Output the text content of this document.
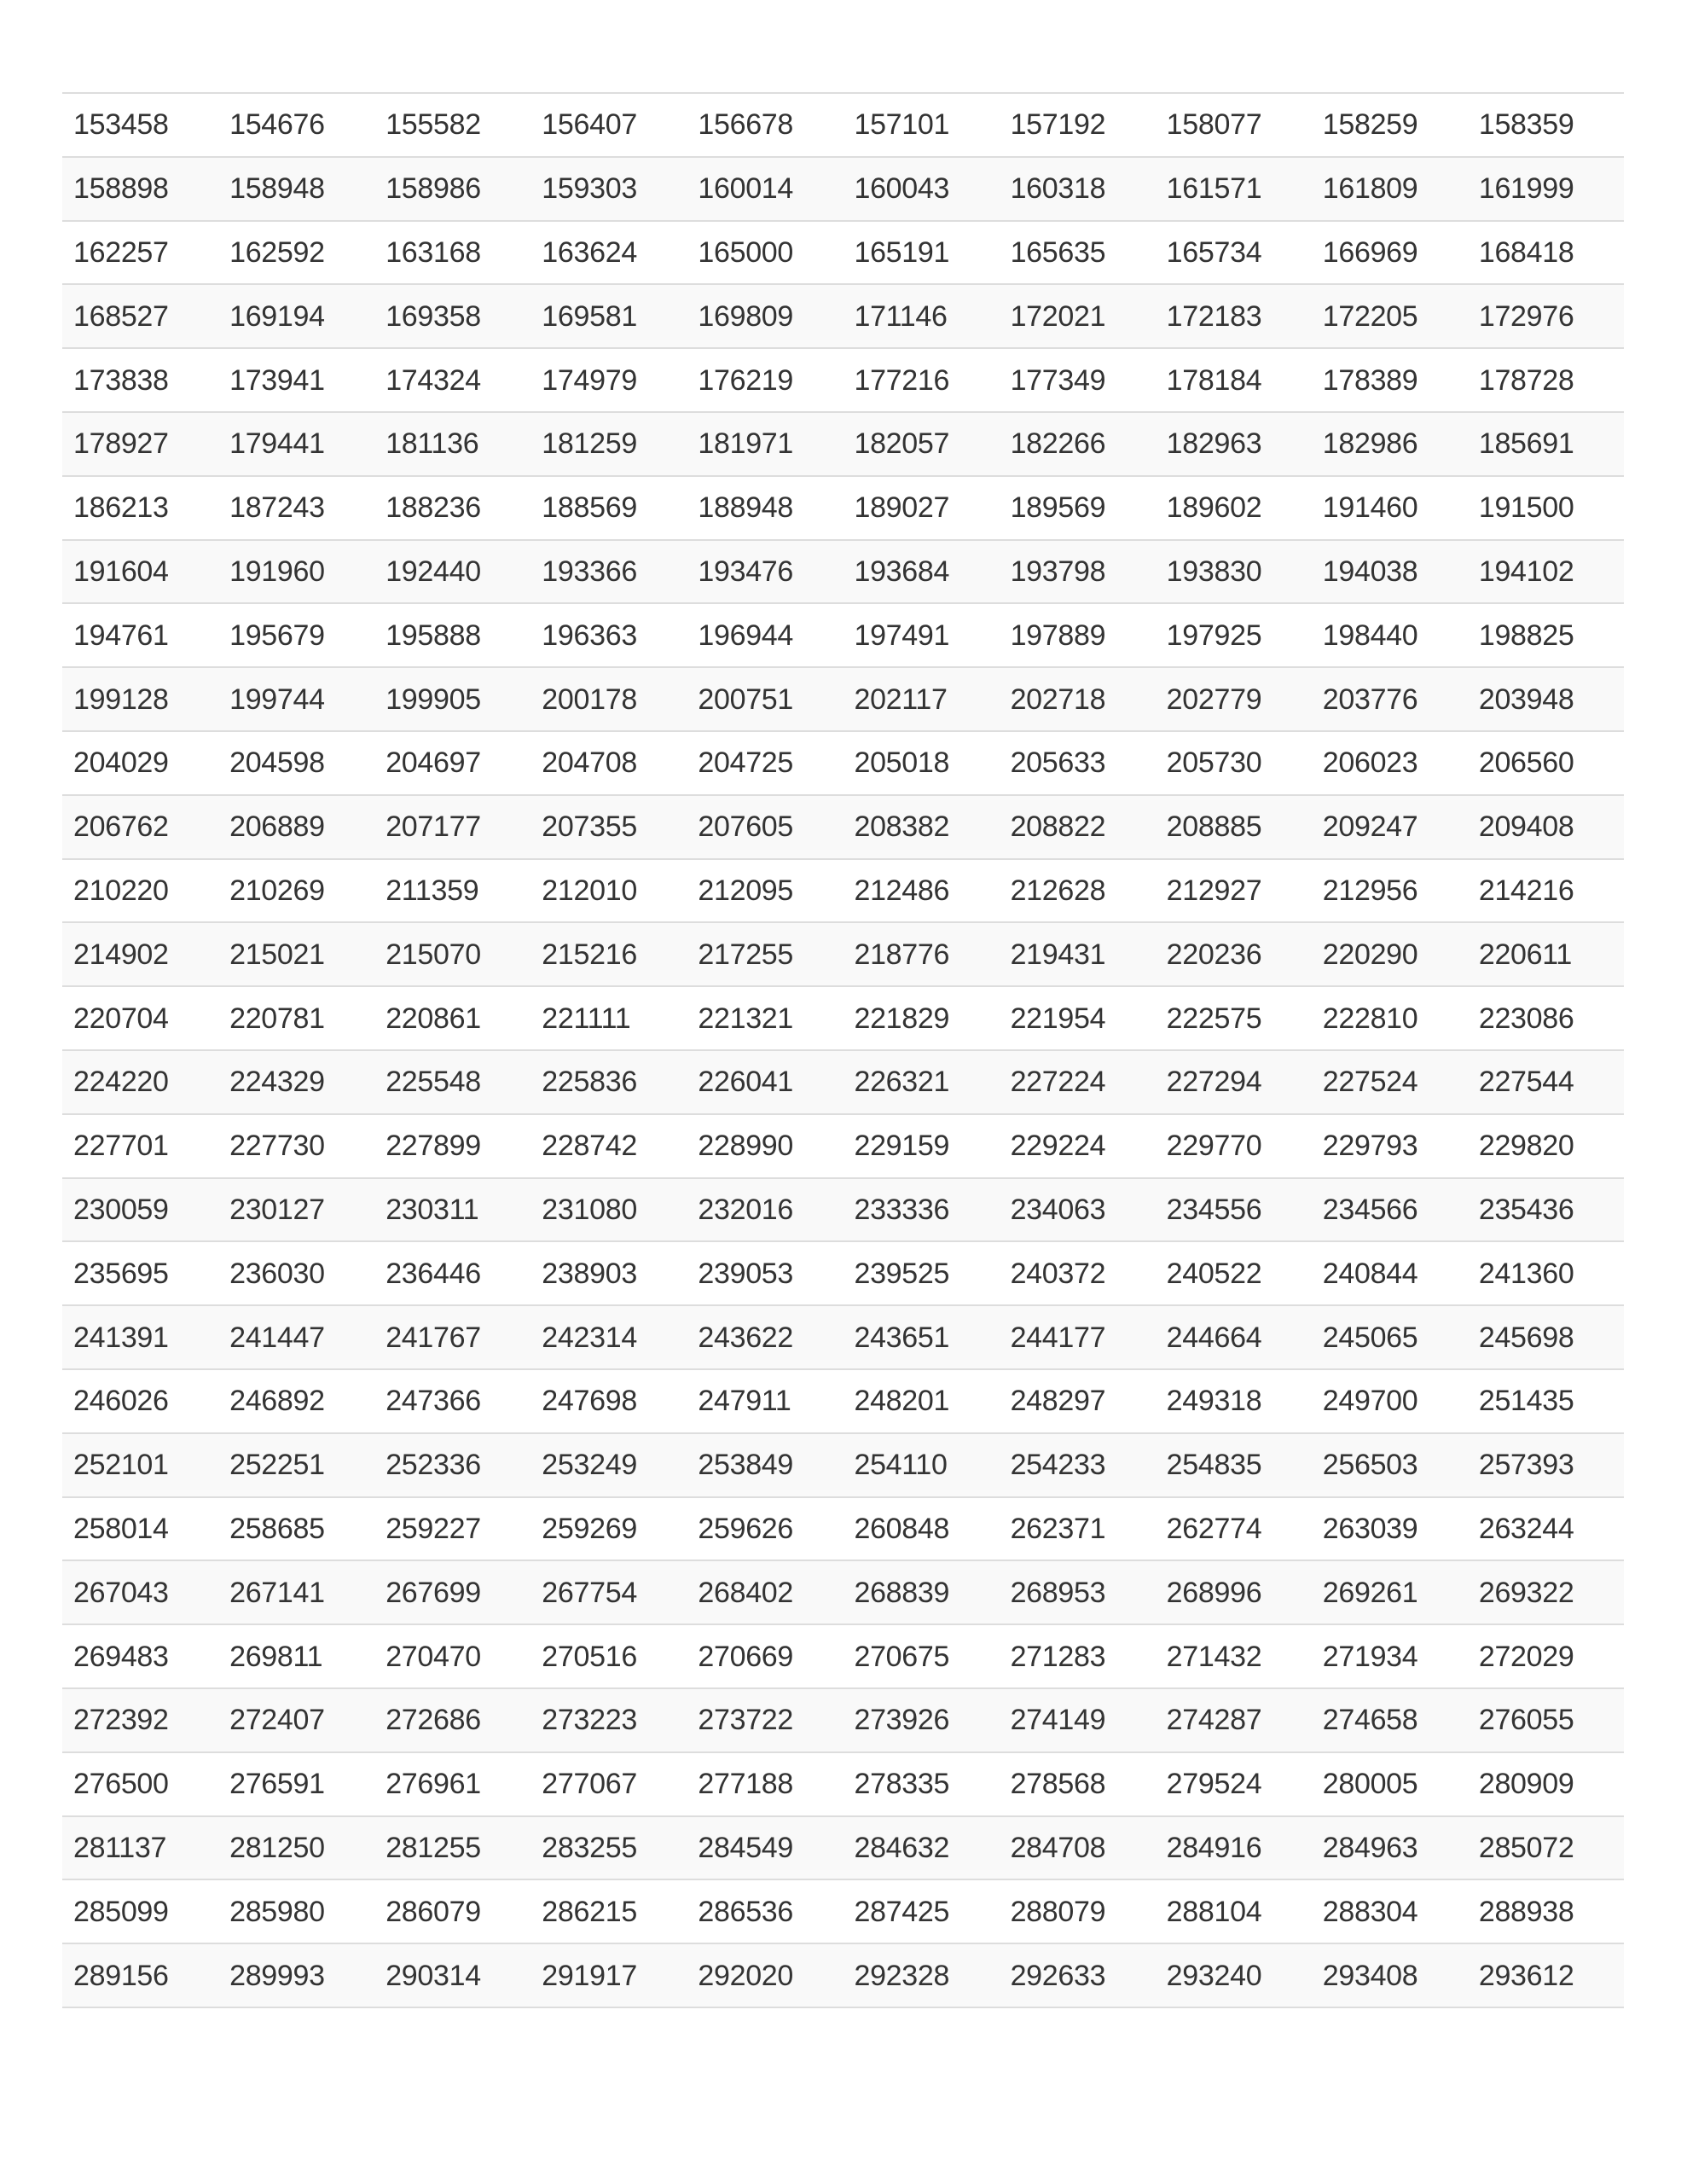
153458	154676	155582	156407	156678	157101	157192	158077	158259	158359
158898	158948	158986	159303	160014	160043	160318	161571	161809	161999
162257	162592	163168	163624	165000	165191	165635	165734	166969	168418
168527	169194	169358	169581	169809	171146	172021	172183	172205	172976
173838	173941	174324	174979	176219	177216	177349	178184	178389	178728
178927	179441	181136	181259	181971	182057	182266	182963	182986	185691
186213	187243	188236	188569	188948	189027	189569	189602	191460	191500
191604	191960	192440	193366	193476	193684	193798	193830	194038	194102
194761	195679	195888	196363	196944	197491	197889	197925	198440	198825
199128	199744	199905	200178	200751	202117	202718	202779	203776	203948
204029	204598	204697	204708	204725	205018	205633	205730	206023	206560
206762	206889	207177	207355	207605	208382	208822	208885	209247	209408
210220	210269	211359	212010	212095	212486	212628	212927	212956	214216
214902	215021	215070	215216	217255	218776	219431	220236	220290	220611
220704	220781	220861	221111	221321	221829	221954	222575	222810	223086
224220	224329	225548	225836	226041	226321	227224	227294	227524	227544
227701	227730	227899	228742	228990	229159	229224	229770	229793	229820
230059	230127	230311	231080	232016	233336	234063	234556	234566	235436
235695	236030	236446	238903	239053	239525	240372	240522	240844	241360
241391	241447	241767	242314	243622	243651	244177	244664	245065	245698
246026	246892	247366	247698	247911	248201	248297	249318	249700	251435
252101	252251	252336	253249	253849	254110	254233	254835	256503	257393
258014	258685	259227	259269	259626	260848	262371	262774	263039	263244
267043	267141	267699	267754	268402	268839	268953	268996	269261	269322
269483	269811	270470	270516	270669	270675	271283	271432	271934	272029
272392	272407	272686	273223	273722	273926	274149	274287	274658	276055
276500	276591	276961	277067	277188	278335	278568	279524	280005	280909
281137	281250	281255	283255	284549	284632	284708	284916	284963	285072
285099	285980	286079	286215	286536	287425	288079	288104	288304	288938
289156	289993	290314	291917	292020	292328	292633	293240	293408	293612
